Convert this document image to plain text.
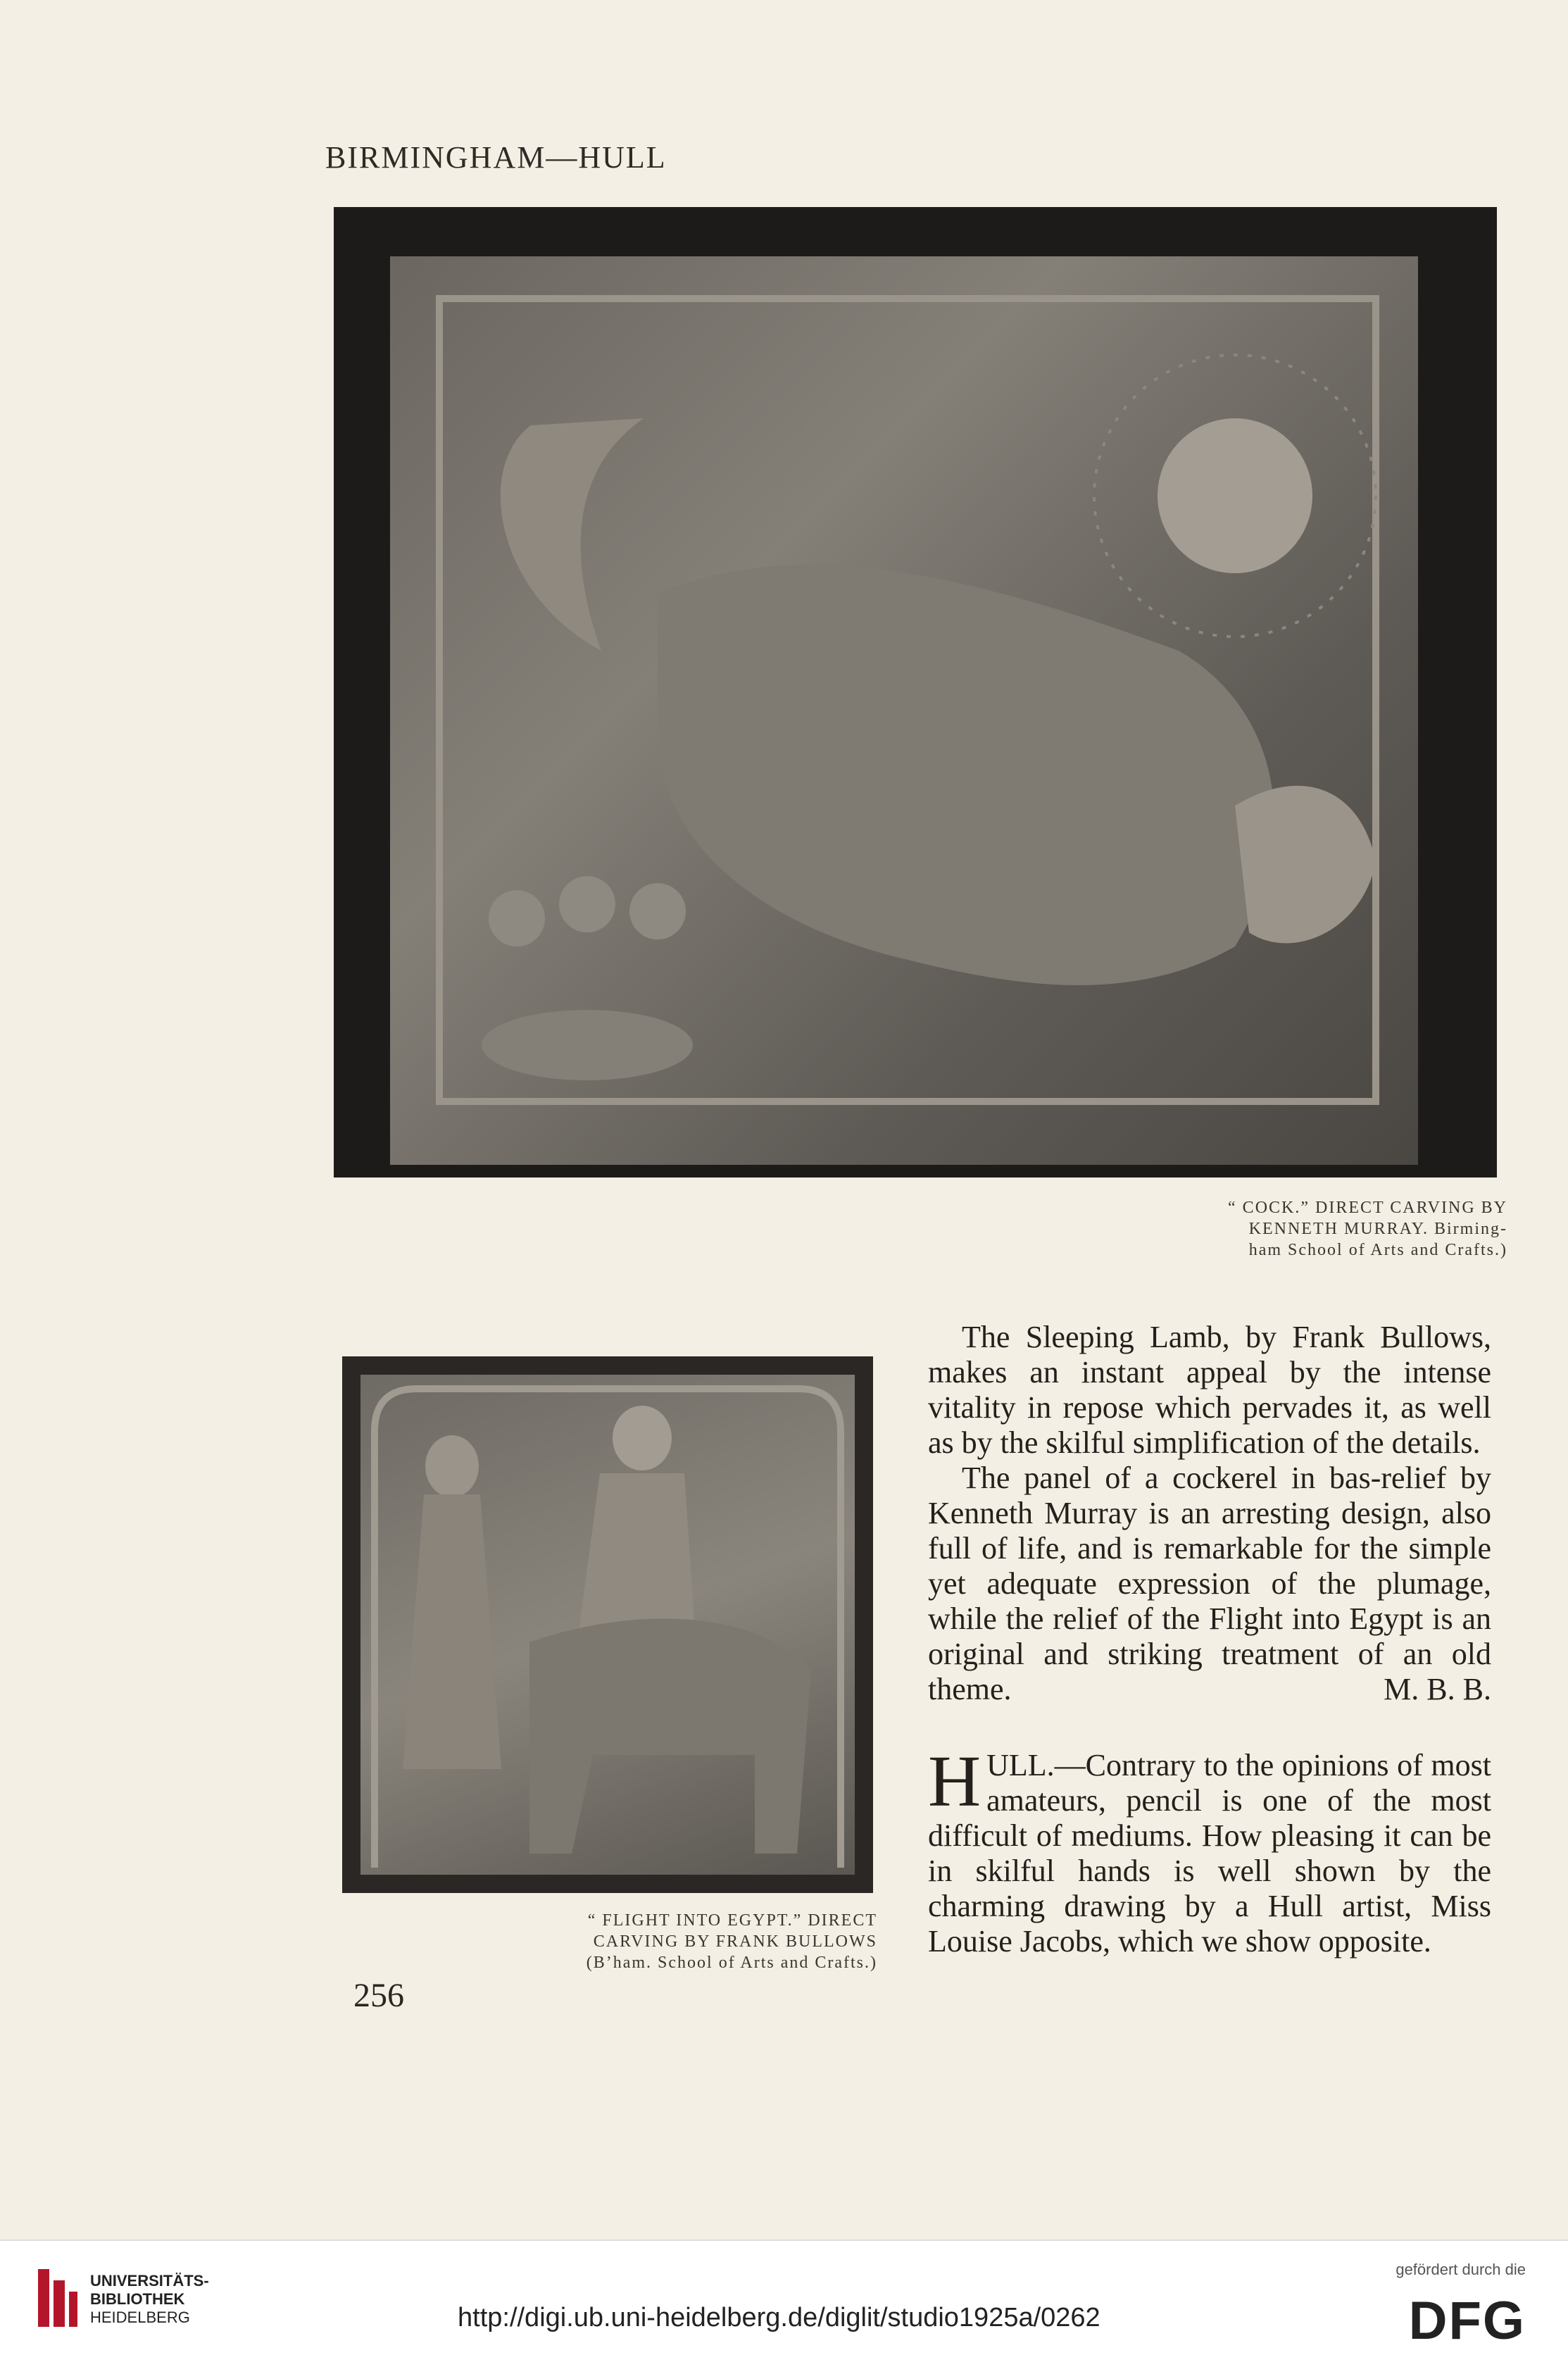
BIRMINGHAM—HULL
“ COCK.” DIRECT CARVING BY
KENNETH MURRAY. Birming-
ham School of Arts and Crafts.)
“ FLIGHT INTO EGYPT.” DIRECT
CARVING BY FRANK BULLOWS
(B’ham. School of Arts and Crafts.)

The Sleeping Lamb, by Frank Bullows, makes an instant appeal by the intense vitality in repose which pervades it, as well as by the skilful simplification of the details.

The panel of a cockerel in bas-relief by Kenneth Murray is an arresting design, also full of life, and is remarkable for the simple yet adequate expression of the plumage, while the relief of the Flight into Egypt is an original and striking treatment of an old theme.	M. B. B.

H ULL.—Contrary to the opinions of most amateurs, pencil is one of the most difficult of mediums. How pleasing it can be in skilful hands is well shown by the charming drawing by a Hull artist, Miss Louise Jacobs, which we show opposite.

256
UNIVERSITÄTS-
BIBLIOTHEK
HEIDELBERG	http://digi.ub.uni-heidelberg.de/diglit/studio1925a/0262
gefördert durch die
DFG
